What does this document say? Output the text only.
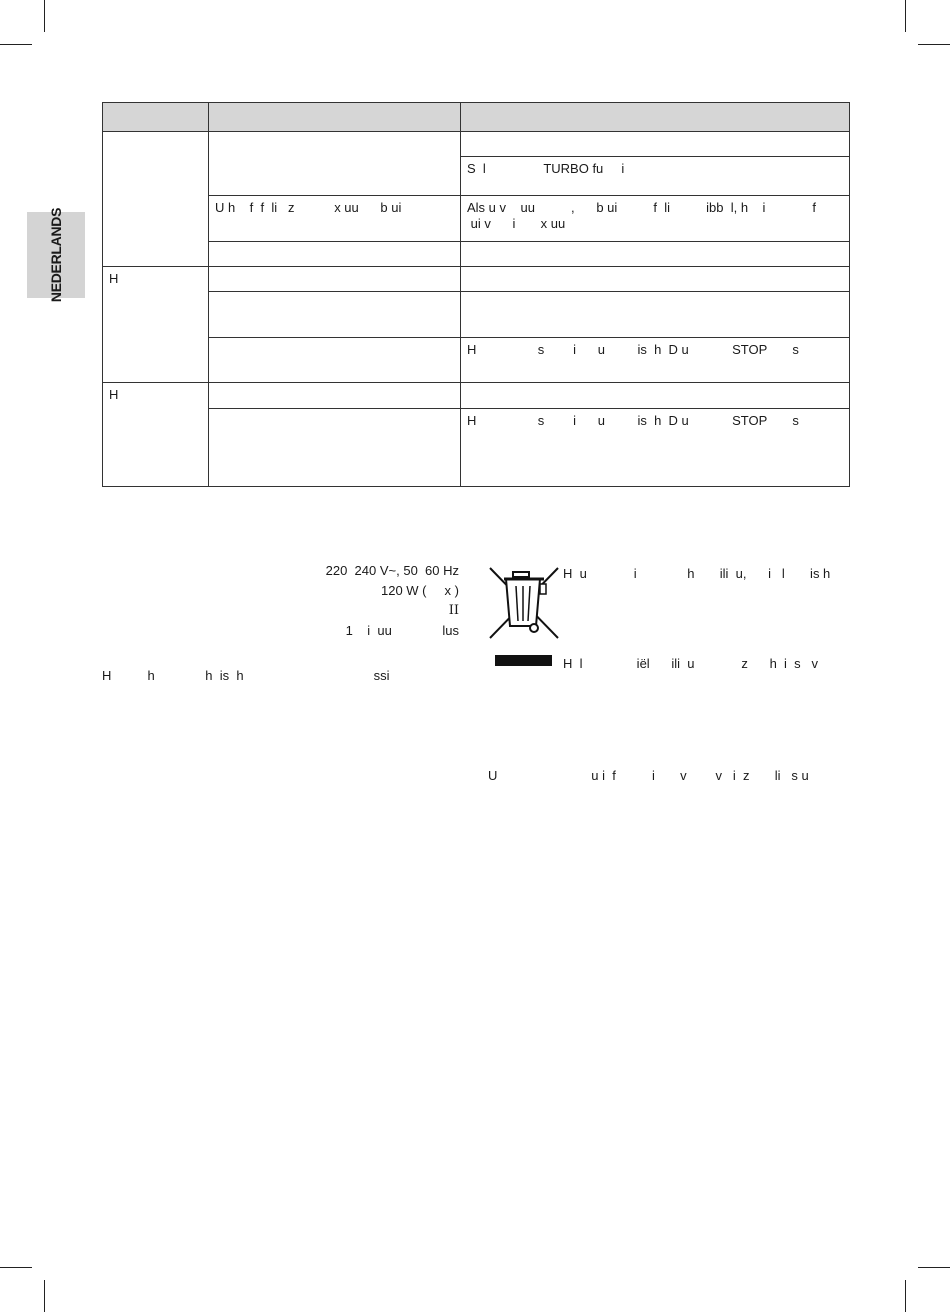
NEDERLANDS

		S  l                TURBO fu     i
	U h    f  f  li   z           x uu      b ui	Als u v    uu          ,      b ui          f  li          ibb  l, h    i             f
ui v      i       x uu

H		

		H                 s        i      u         is  h  D u            STOP       s
H		
		H                 s        i      u         is  h  D u            STOP       s
220  240 V~, 50  60 Hz
120 W (     x )
II
1    i  uu              lus
H          h              h  is  h                                    ssi
H  u             i              h       ili  u,      i   l       is h
H  l               iël      ili  u             z      h  i  s   v
U                          u i  f          i       v        v   i  z       li   s u
